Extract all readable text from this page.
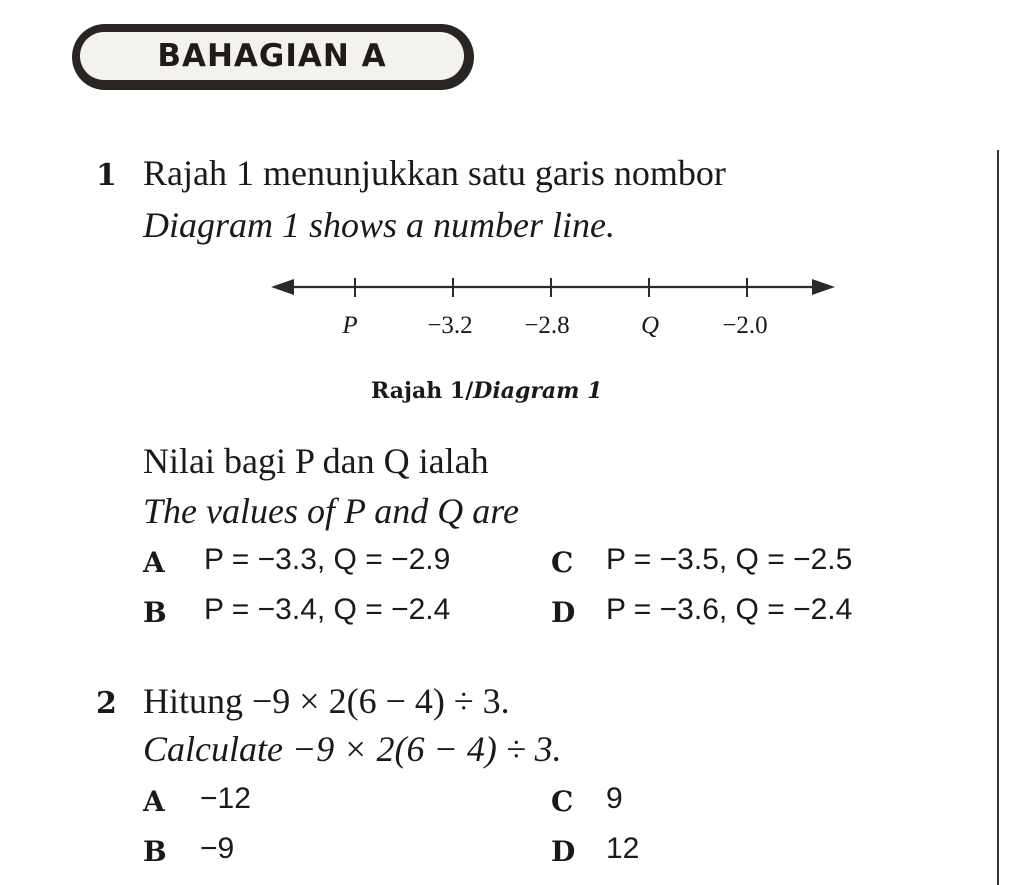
BAHAGIAN A
1 Rajah 1 menunjukkan satu garis nombor
Diagram 1 shows a number line.
P	−3.2 −2.8	Q	−2.0
Rajah 1/Diagram 1
Nilai bagi P dan Q ialah
The values of P and Q are
A P = −3.3, Q = −2.9	C P = −3.5, Q = −2.5
B P = −3.4, Q = −2.4	D P = −3.6, Q = −2.4
2 Hitung −9 × 2(6 − 4) ÷ 3.
Calculate −9 × 2(6 − 4) ÷ 3.
A −12	C 9
B −9	D 12
